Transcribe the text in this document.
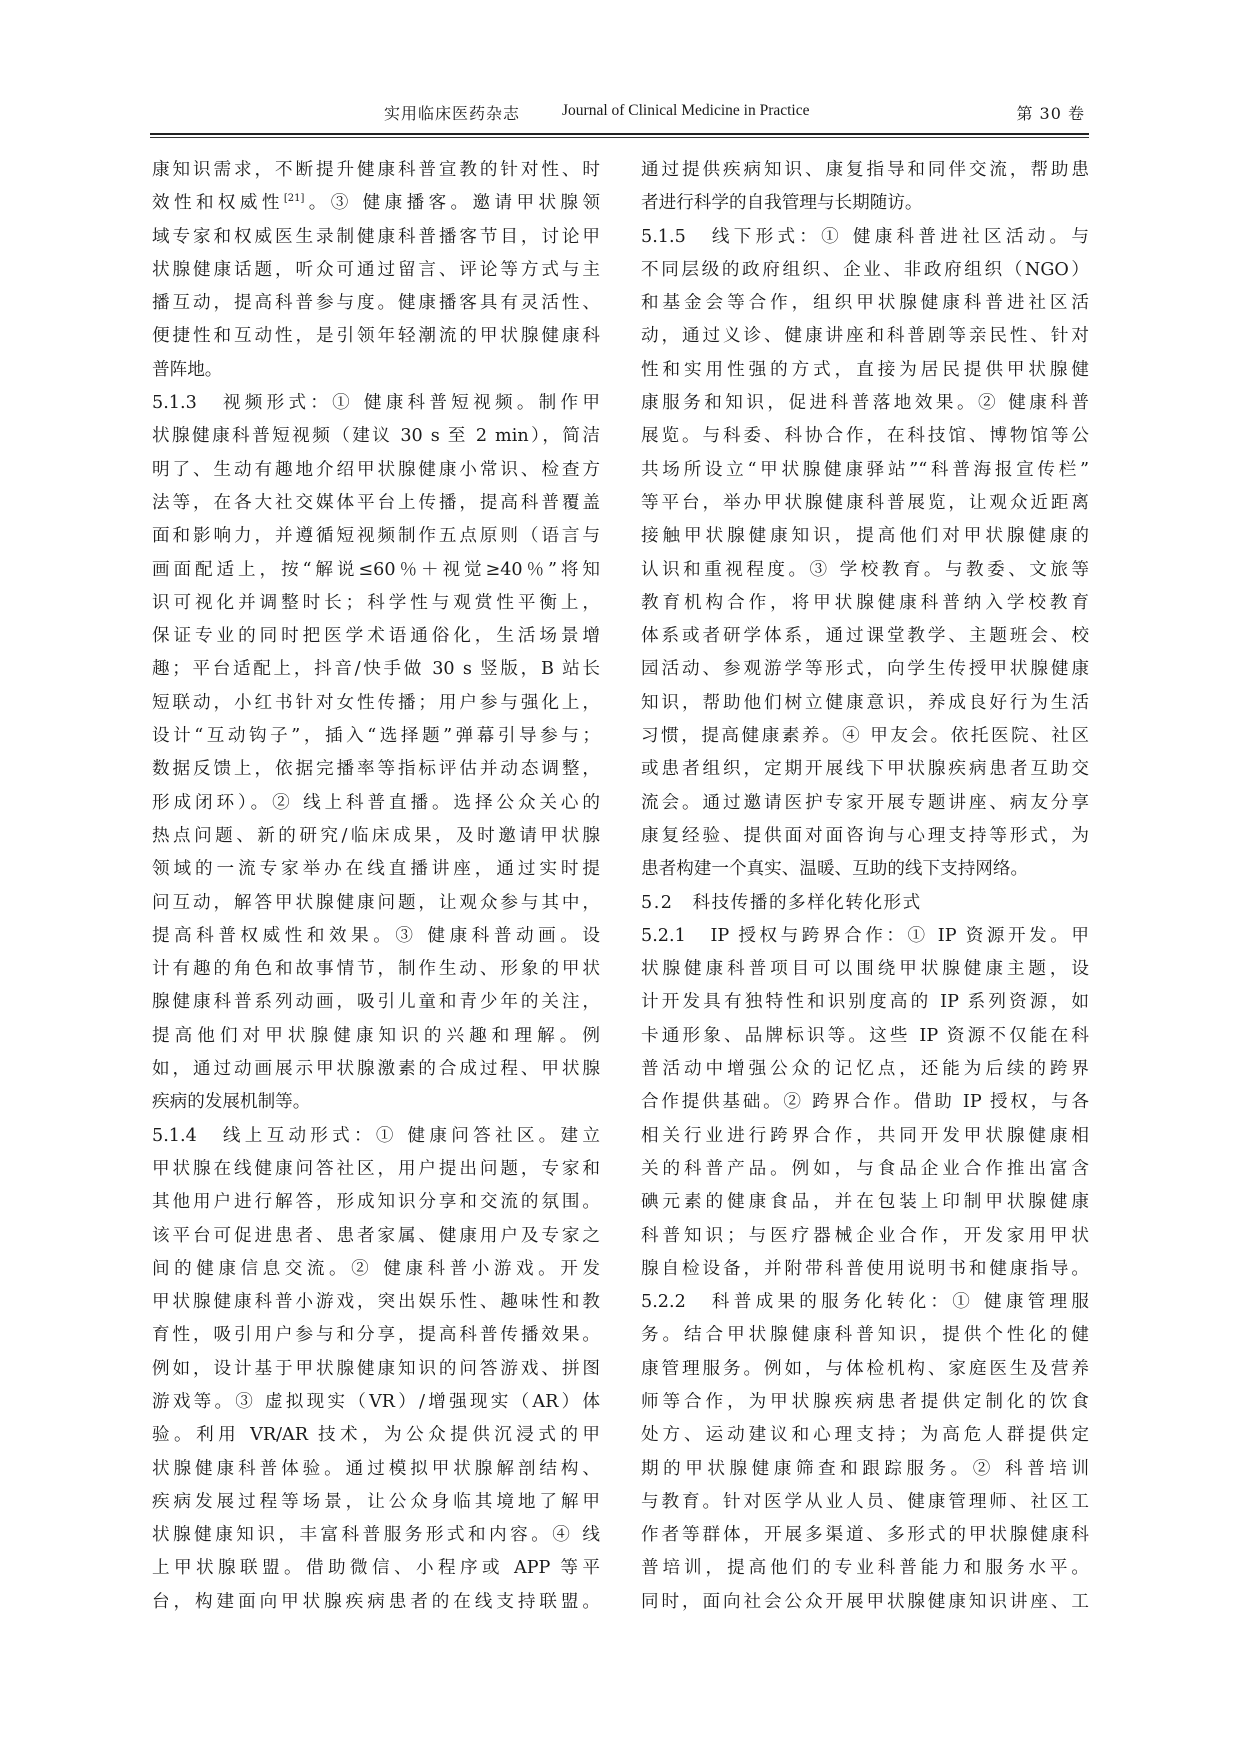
实用临床医药杂志	Journal of Clinical Medicine in Practice	第 30 卷
康知识需求，不断提升健康科普宣教的针对性、时
效性和权威性[21]。③ 健康播客。邀请甲状腺领
域专家和权威医生录制健康科普播客节目，讨论甲
状腺健康话题，听众可通过留言、评论等方式与主
播互动，提高科普参与度。健康播客具有灵活性、
便捷性和互动性，是引领年轻潮流的甲状腺健康科
普阵地。
5.1.3　视频形式：① 健康科普短视频。制作甲
状腺健康科普短视频（建议 30 s 至 2 min），简洁
明了、生动有趣地介绍甲状腺健康小常识、检查方
法等，在各大社交媒体平台上传播，提高科普覆盖
面和影响力，并遵循短视频制作五点原则（语言与
画面配适上，按“解说≤60％＋视觉≥40％”将知
识可视化并调整时长；科学性与观赏性平衡上，
保证专业的同时把医学术语通俗化，生活场景增
趣；平台适配上，抖音/快手做 30 s 竖版，B 站长
短联动，小红书针对女性传播；用户参与强化上，
设计“互动钩子”，插入“选择题”弹幕引导参与；
数据反馈上，依据完播率等指标评估并动态调整，
形成闭环）。② 线上科普直播。选择公众关心的
热点问题、新的研究/临床成果，及时邀请甲状腺
领域的一流专家举办在线直播讲座，通过实时提
问互动，解答甲状腺健康问题，让观众参与其中，
提高科普权威性和效果。③ 健康科普动画。设
计有趣的角色和故事情节，制作生动、形象的甲状
腺健康科普系列动画，吸引儿童和青少年的关注，
提高他们对甲状腺健康知识的兴趣和理解。例
如，通过动画展示甲状腺激素的合成过程、甲状腺
疾病的发展机制等。
5.1.4　线上互动形式：① 健康问答社区。建立
甲状腺在线健康问答社区，用户提出问题，专家和
其他用户进行解答，形成知识分享和交流的氛围。
该平台可促进患者、患者家属、健康用户及专家之
间的健康信息交流。② 健康科普小游戏。开发
甲状腺健康科普小游戏，突出娱乐性、趣味性和教
育性，吸引用户参与和分享，提高科普传播效果。
例如，设计基于甲状腺健康知识的问答游戏、拼图
游戏等。③ 虚拟现实（VR）/增强现实（AR）体
验。利用 VR/AR 技术，为公众提供沉浸式的甲
状腺健康科普体验。通过模拟甲状腺解剖结构、
疾病发展过程等场景，让公众身临其境地了解甲
状腺健康知识，丰富科普服务形式和内容。④ 线
上甲状腺联盟。借助微信、小程序或 APP 等平
台，构建面向甲状腺疾病患者的在线支持联盟。
通过提供疾病知识、康复指导和同伴交流，帮助患
者进行科学的自我管理与长期随访。
5.1.5　线下形式：① 健康科普进社区活动。与
不同层级的政府组织、企业、非政府组织（NGO）
和基金会等合作，组织甲状腺健康科普进社区活
动，通过义诊、健康讲座和科普剧等亲民性、针对
性和实用性强的方式，直接为居民提供甲状腺健
康服务和知识，促进科普落地效果。② 健康科普
展览。与科委、科协合作，在科技馆、博物馆等公
共场所设立“甲状腺健康驿站”“科普海报宣传栏”
等平台，举办甲状腺健康科普展览，让观众近距离
接触甲状腺健康知识，提高他们对甲状腺健康的
认识和重视程度。③ 学校教育。与教委、文旅等
教育机构合作，将甲状腺健康科普纳入学校教育
体系或者研学体系，通过课堂教学、主题班会、校
园活动、参观游学等形式，向学生传授甲状腺健康
知识，帮助他们树立健康意识，养成良好行为生活
习惯，提高健康素养。④ 甲友会。依托医院、社区
或患者组织，定期开展线下甲状腺疾病患者互助交
流会。通过邀请医护专家开展专题讲座、病友分享
康复经验、提供面对面咨询与心理支持等形式，为
患者构建一个真实、温暖、互助的线下支持网络。
5.2　科技传播的多样化转化形式
5.2.1　IP 授权与跨界合作：① IP 资源开发。甲
状腺健康科普项目可以围绕甲状腺健康主题，设
计开发具有独特性和识别度高的 IP 系列资源，如
卡通形象、品牌标识等。这些 IP 资源不仅能在科
普活动中增强公众的记忆点，还能为后续的跨界
合作提供基础。② 跨界合作。借助 IP 授权，与各
相关行业进行跨界合作，共同开发甲状腺健康相
关的科普产品。例如，与食品企业合作推出富含
碘元素的健康食品，并在包装上印制甲状腺健康
科普知识；与医疗器械企业合作，开发家用甲状
腺自检设备，并附带科普使用说明书和健康指导。
5.2.2　科普成果的服务化转化：① 健康管理服
务。结合甲状腺健康科普知识，提供个性化的健
康管理服务。例如，与体检机构、家庭医生及营养
师等合作，为甲状腺疾病患者提供定制化的饮食
处方、运动建议和心理支持；为高危人群提供定
期的甲状腺健康筛查和跟踪服务。② 科普培训
与教育。针对医学从业人员、健康管理师、社区工
作者等群体，开展多渠道、多形式的甲状腺健康科
普培训，提高他们的专业科普能力和服务水平。
同时，面向社会公众开展甲状腺健康知识讲座、工
